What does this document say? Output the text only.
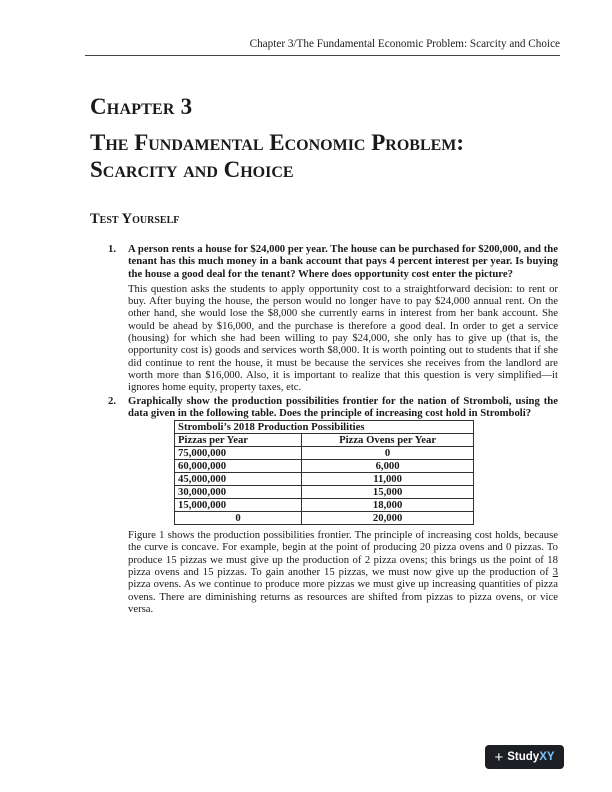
Chapter 3/The Fundamental Economic Problem: Scarcity and Choice
Chapter 3
The Fundamental Economic Problem:
Scarcity and Choice
Test Yourself
1. A person rents a house for $24,000 per year. The house can be purchased for $200,000, and the tenant has this much money in a bank account that pays 4 percent interest per year. Is buying the house a good deal for the tenant? Where does opportunity cost enter the picture?
This question asks the students to apply opportunity cost to a straightforward decision: to rent or buy. After buying the house, the person would no longer have to pay $24,000 annual rent. On the other hand, she would lose the $8,000 she currently earns in interest from her bank account. She would be ahead by $16,000, and the purchase is therefore a good deal. In order to get a service (housing) for which she had been willing to pay $24,000, she only has to give up (that is, the opportunity cost is) goods and services worth $8,000. It is worth pointing out to students that if she did continue to rent the house, it must be because the services she receives from the landlord are worth more than $16,000. Also, it is important to realize that this question is very simplified—it ignores home equity, property taxes, etc.
2. Graphically show the production possibilities frontier for the nation of Stromboli, using the data given in the following table. Does the principle of increasing cost hold in Stromboli?
Stromboli’s 2018 Production Possibilities	
Pizzas per Year	Pizza Ovens per Year
75,000,000	0
60,000,000	6,000
45,000,000	11,000
30,000,000	15,000
15,000,000	18,000
0	20,000
Figure 1 shows the production possibilities frontier. The principle of increasing cost holds, because the curve is concave. For example, begin at the point of producing 20 pizza ovens and 0 pizzas. To produce 15 pizzas we must give up the production of 2 pizza ovens; this brings us the point of 18 pizza ovens and 15 pizzas. To gain another 15 pizzas, we must now give up the production of 3 pizza ovens. As we continue to produce more pizzas we must give up increasing quantities of pizza ovens. There are diminishing returns as resources are shifted from pizzas to pizza ovens, or vice versa.
+ StudyXY
